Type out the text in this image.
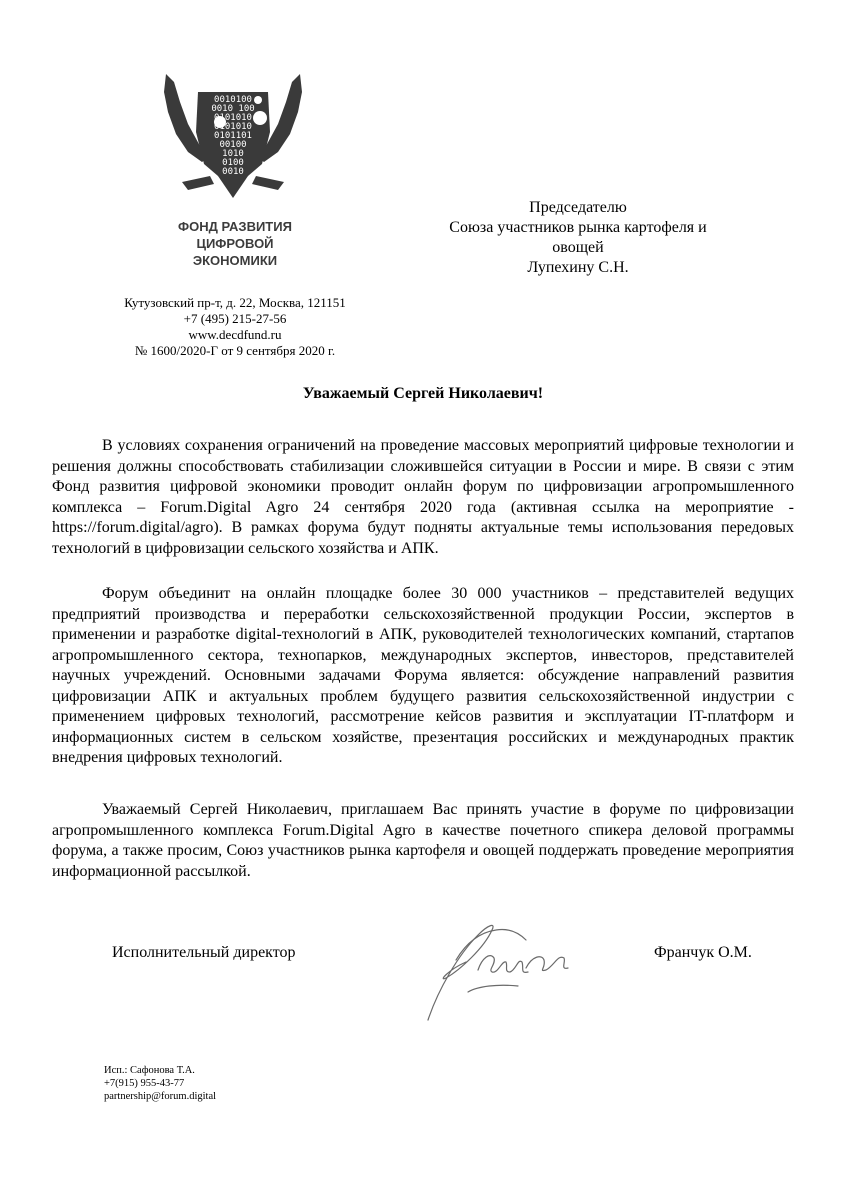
0010100
0010 100
0101010
0101010
0101101
00100
1010
0100
0010
ФОНД РАЗВИТИЯ
ЦИФРОВОЙ
ЭКОНОМИКИ
Кутузовский пр-т, д. 22, Москва, 121151
+7 (495) 215-27-56
www.decdfund.ru
№ 1600/2020-Г от 9 сентября 2020 г.
Председателю
Союза участников рынка картофеля и
овощей
Лупехину С.Н.
Уважаемый Сергей Николаевич!

В условиях сохранения ограничений на проведение массовых мероприятий цифровые технологии и решения должны способствовать стабилизации сложившейся ситуации в России и мире. В связи с этим Фонд развития цифровой экономики проводит онлайн форум по цифровизации агропромышленного комплекса – Forum.Digital Agro 24 сентября 2020 года (активная ссылка на мероприятие - https://forum.digital/agro). В рамках форума будут подняты актуальные темы использования передовых технологий в цифровизации сельского хозяйства и АПК.

Форум объединит на онлайн площадке более 30 000 участников – представителей ведущих предприятий производства и переработки сельскохозяйственной продукции России, экспертов в применении и разработке digital-технологий в АПК, руководителей технологических компаний, стартапов агропромышленного сектора, технопарков, международных экспертов, инвесторов, представителей научных учреждений. Основными задачами Форума является: обсуждение направлений развития цифровизации АПК и актуальных проблем будущего развития сельскохозяйственной индустрии с применением цифровых технологий, рассмотрение кейсов развития и эксплуатации IT-платформ и информационных систем в сельском хозяйстве, презентация российских и международных практик внедрения цифровых технологий.

Уважаемый Сергей Николаевич, приглашаем Вас принять участие в форуме по цифровизации агропромышленного комплекса Forum.Digital Agro в качестве почетного спикера деловой программы форума, а также просим, Союз участников рынка картофеля и овощей поддержать проведение мероприятия информационной рассылкой.

Исполнительный директор	Франчук О.М.
Исп.: Сафонова Т.А.
+7(915) 955-43-77
partnership@forum.digital
